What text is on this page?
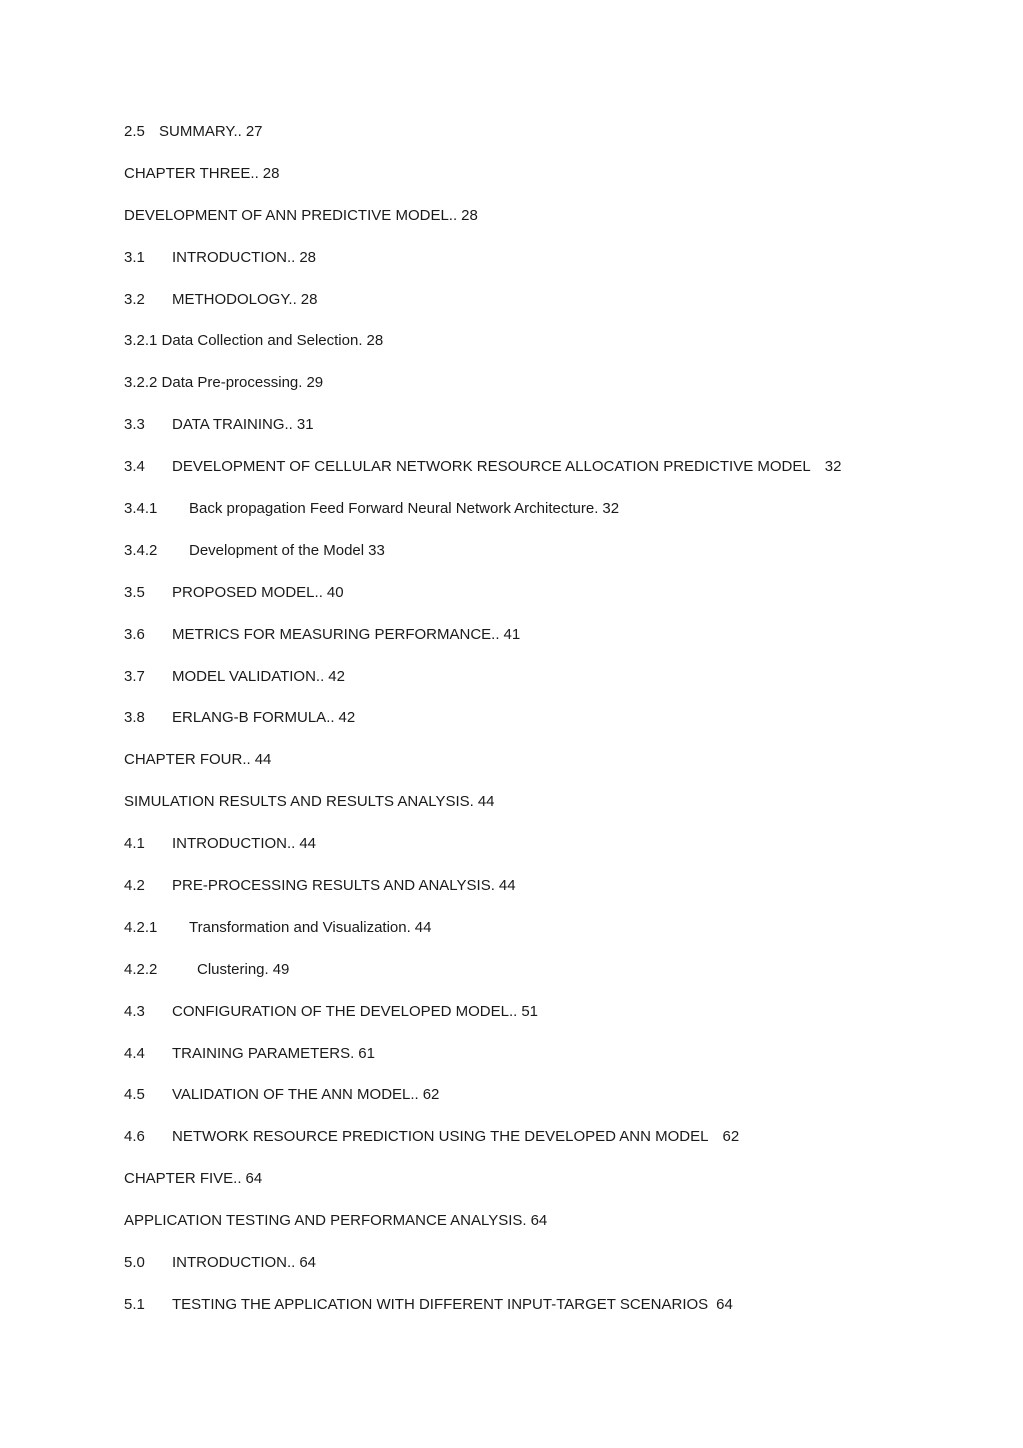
2.5 SUMMARY.. 27
CHAPTER THREE.. 28
DEVELOPMENT OF ANN PREDICTIVE MODEL.. 28
3.1	INTRODUCTION.. 28
3.2	METHODOLOGY.. 28
3.2.1 Data Collection and Selection. 28
3.2.2 Data Pre-processing. 29
3.3	DATA TRAINING.. 31
3.4	DEVELOPMENT OF CELLULAR NETWORK RESOURCE ALLOCATION PREDICTIVE MODEL 32
3.4.1	Back propagation Feed Forward Neural Network Architecture. 32
3.4.2	Development of the Model 33
3.5	PROPOSED MODEL.. 40
3.6	METRICS FOR MEASURING PERFORMANCE.. 41
3.7	MODEL VALIDATION.. 42
3.8	ERLANG-B FORMULA.. 42
CHAPTER FOUR.. 44
SIMULATION RESULTS AND RESULTS ANALYSIS. 44
4.1	INTRODUCTION.. 44
4.2	PRE-PROCESSING RESULTS AND ANALYSIS. 44
4.2.1	Transformation and Visualization. 44
4.2.2	Clustering. 49
4.3	CONFIGURATION OF THE DEVELOPED MODEL.. 51
4.4	TRAINING PARAMETERS. 61
4.5	VALIDATION OF THE ANN MODEL.. 62
4.6	NETWORK RESOURCE PREDICTION USING THE DEVELOPED ANN MODEL 62
CHAPTER FIVE.. 64
APPLICATION TESTING AND PERFORMANCE ANALYSIS. 64
5.0	INTRODUCTION.. 64
5.1	TESTING THE APPLICATION WITH DIFFERENT INPUT-TARGET SCENARIOS 64
